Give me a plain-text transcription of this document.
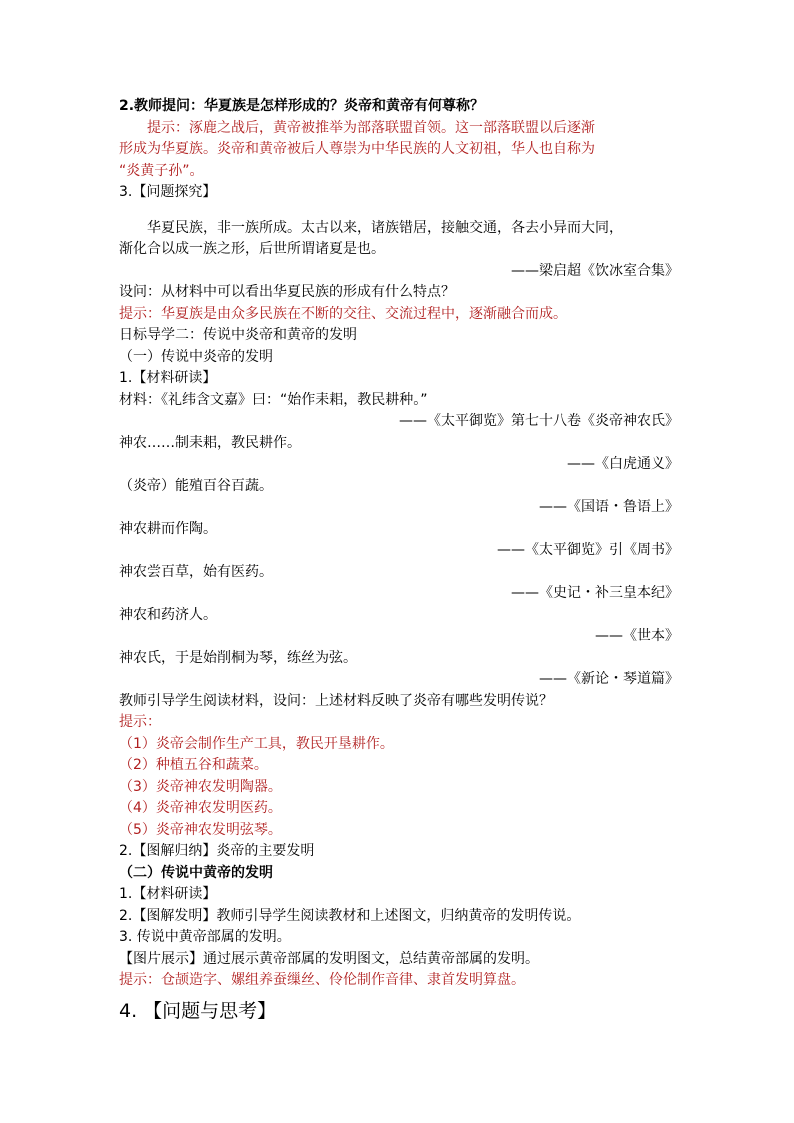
2.教师提问：华夏族是怎样形成的？炎帝和黄帝有何尊称？
提示：涿鹿之战后，黄帝被推举为部落联盟首领。这一部落联盟以后逐渐
形成为华夏族。炎帝和黄帝被后人尊崇为中华民族的人文初祖，华人也自称为
“炎黄子孙”。
3.【问题探究】
华夏民族，非一族所成。太古以来，诸族错居，接触交通，各去小异而大同，
渐化合以成一族之形，后世所谓诸夏是也。
——梁启超《饮冰室合集》
设问：从材料中可以看出华夏民族的形成有什么特点？
提示：华夏族是由众多民族在不断的交往、交流过程中，逐渐融合而成。
日标导学二：传说中炎帝和黄帝的发明
（一）传说中炎帝的发明
1.【材料研读】
材料：《礼纬含文嘉》曰：“始作耒耜，教民耕种。”
——《太平御览》第七十八卷《炎帝神农氏》
神农……制耒耜，教民耕作。
——《白虎通义》
（炎帝）能殖百谷百蔬。
——《国语・鲁语上》
神农耕而作陶。
——《太平御览》引《周书》
神农尝百草，始有医药。
——《史记・补三皇本纪》
神农和药济人。
——《世本》
神农氏，于是始削桐为琴，练丝为弦。
——《新论・琴道篇》
教师引导学生阅读材料，设问：上述材料反映了炎帝有哪些发明传说？
提示：
（1）炎帝会制作生产工具，教民开垦耕作。
（2）种植五谷和蔬菜。
（3）炎帝神农发明陶器。
（4）炎帝神农发明医药。
（5）炎帝神农发明弦琴。
2.【图解归纳】炎帝的主要发明
（二）传说中黄帝的发明
1.【材料研读】
2.【图解发明】教师引导学生阅读教材和上述图文，归纳黄帝的发明传说。
3. 传说中黄帝部属的发明。
【图片展示】通过展示黄帝部属的发明图文，总结黄帝部属的发明。
提示：仓颉造字、嫘组养蚕缫丝、伶伦制作音律、隶首发明算盘。
4. 【问题与思考】
